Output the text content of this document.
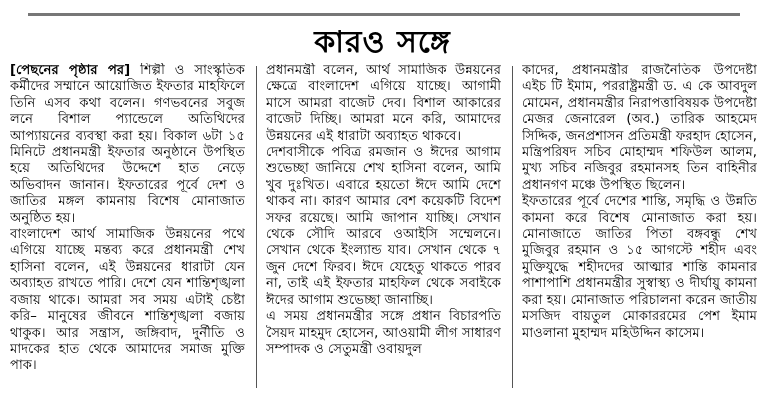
কারও সঙ্গে

[পেছনের পৃষ্ঠার পর] শিল্পী ও সাংস্কৃতিক কর্মীদের সম্মানে আয়োজিত ইফতার মাহফিলে তিনি এসব কথা বলেন। গণভবনের সবুজ লনে বিশাল প্যান্ডেলে অতিথিদের আপ্যায়নের ব্যবস্থা করা হয়। বিকাল ৬টা ১৫ মিনিটে প্রধানমন্ত্রী ইফতার অনুষ্ঠানে উপস্থিত হয়ে অতিথিদের উদ্দেশে হাত নেড়ে অভিবাদন জানান। ইফতারের পূর্বে দেশ ও জাতির মঙ্গল কামনায় বিশেষ মোনাজাত অনুষ্ঠিত হয়।

বাংলাদেশ আর্থ সামাজিক উন্নয়নের পথে এগিয়ে যাচ্ছে মন্তব্য করে প্রধানমন্ত্রী শেখ হাসিনা বলেন, এই উন্নয়নের ধারাটা যেন অব্যাহত রাখতে পারি। দেশে যেন শান্তিশৃঙ্খলা বজায় থাকে। আমরা সব সময় এটাই চেষ্টা করি– মানুষের জীবনে শান্তিশৃঙ্খলা বজায় থাকুক। আর সন্ত্রাস, জঙ্গিবাদ, দুর্নীতি ও মাদকের হাত থেকে আমাদের সমাজ মুক্তি পাক।

প্রধানমন্ত্রী বলেন, আর্থ সামাজিক উন্নয়নের ক্ষেত্রে বাংলাদেশ এগিয়ে যাচ্ছে। আগামী মাসে আমরা বাজেট দেব। বিশাল আকারের বাজেট দিচ্ছি। আমরা মনে করি, আমাদের উন্নয়নের এই ধারাটা অব্যাহত থাকবে।

দেশবাসীকে পবিত্র রমজান ও ঈদের আগাম শুভেচ্ছা জানিয়ে শেখ হাসিনা বলেন, আমি খুব দুঃখিত। এবারে হয়তো ঈদে আমি দেশে থাকব না। কারণ আমার বেশ কয়েকটি বিদেশ সফর রয়েছে। আমি জাপান যাচ্ছি। সেখান থেকে সৌদি আরবে ওআইসি সম্মেলনে। সেখান থেকে ইংল্যান্ড যাব। সেখান থেকে ৭ জুন দেশে ফিরব। ঈদে যেহেতু থাকতে পারব না, তাই এই ইফতার মাহফিল থেকে সবাইকে ঈদের আগাম শুভেচ্ছা জানাচ্ছি।

এ সময় প্রধানমন্ত্রীর সঙ্গে প্রধান বিচারপতি সৈয়দ মাহমুদ হোসেন, আওয়ামী লীগ সাধারণ সম্পাদক ও সেতুমন্ত্রী ওবায়দুল

কাদের, প্রধানমন্ত্রীর রাজনৈতিক উপদেষ্টা এইচ টি ইমাম, পররাষ্ট্রমন্ত্রী ড. এ কে আবদুল মোমেন, প্রধানমন্ত্রীর নিরাপত্তাবিষয়ক উপদেষ্টা মেজর জেনারেল (অব.) তারিক আহমেদ সিদ্দিক, জনপ্রশাসন প্রতিমন্ত্রী ফরহাদ হোসেন, মন্ত্রিপরিষদ সচিব মোহাম্মদ শফিউল আলম, মুখ্য সচিব নজিবুর রহমানসহ তিন বাহিনীর প্রধানগণ মঞ্চে উপস্থিত ছিলেন।

ইফতারের পূর্বে দেশের শান্তি, সমৃদ্ধি ও উন্নতি কামনা করে বিশেষ মোনাজাত করা হয়। মোনাজাতে জাতির পিতা বঙ্গবন্ধু শেখ মুজিবুর রহমান ও ১৫ আগস্টে শহীদ এবং মুক্তিযুদ্ধে শহীদদের আত্মার শান্তি কামনার পাশাপাশি প্রধানমন্ত্রীর সুস্বাস্থ্য ও দীর্ঘায়ু কামনা করা হয়। মোনাজাত পরিচালনা করেন জাতীয় মসজিদ বায়তুল মোকাররমের পেশ ইমাম মাওলানা মুহাম্মদ মহিউদ্দিন কাসেম।
